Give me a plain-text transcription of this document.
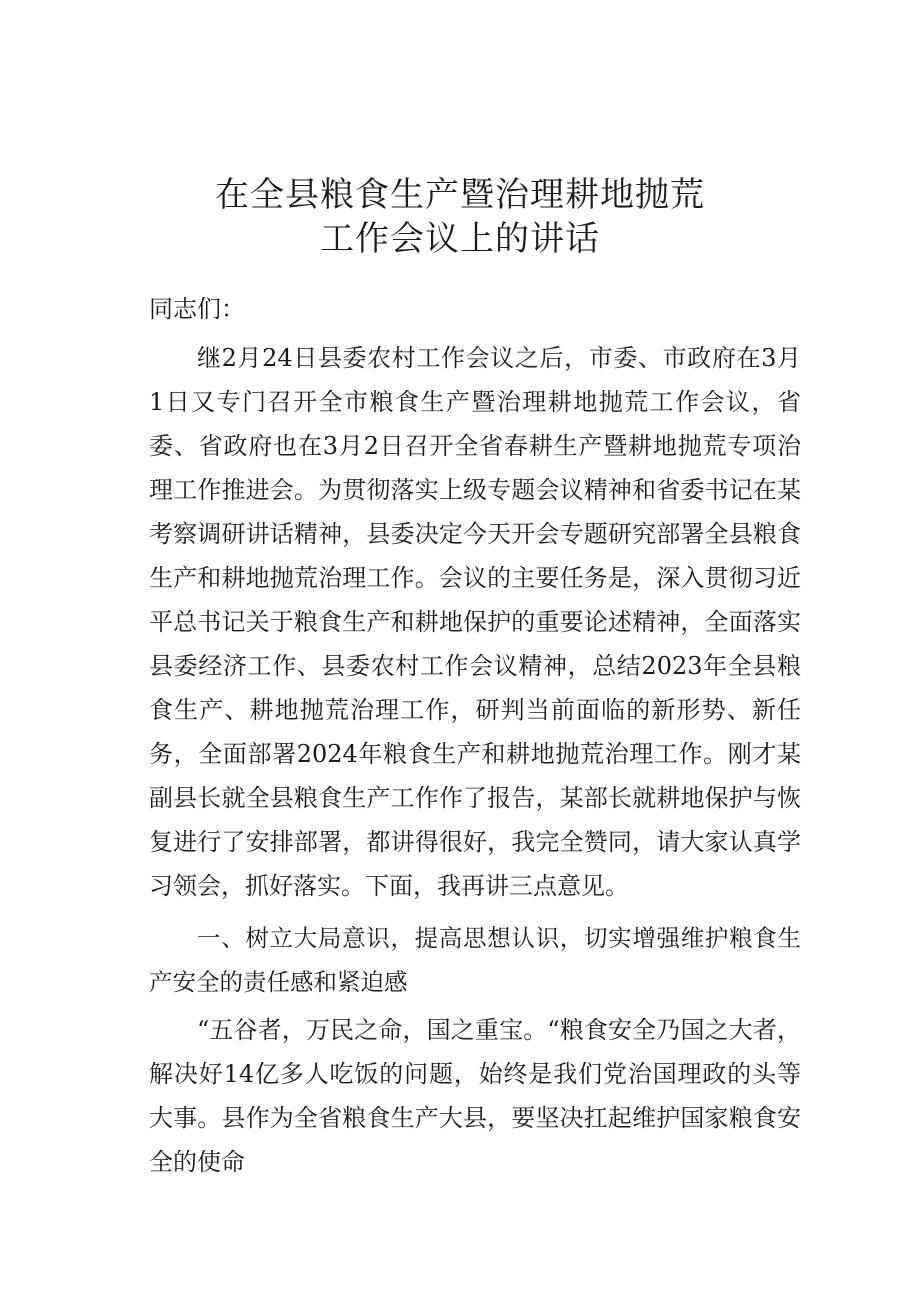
在全县粮食生产暨治理耕地抛荒
工作会议上的讲话

同志们：

继2月24日县委农村工作会议之后，市委、市政府在3月1日又专门召开全市粮食生产暨治理耕地抛荒工作会议，省委、省政府也在3月2日召开全省春耕生产暨耕地抛荒专项治理工作推进会。为贯彻落实上级专题会议精神和省委书记在某考察调研讲话精神，县委决定今天开会专题研究部署全县粮食生产和耕地抛荒治理工作。会议的主要任务是，深入贯彻习近平总书记关于粮食生产和耕地保护的重要论述精神，全面落实县委经济工作、县委农村工作会议精神，总结2023年全县粮食生产、耕地抛荒治理工作，研判当前面临的新形势、新任务，全面部署2024年粮食生产和耕地抛荒治理工作。刚才某副县长就全县粮食生产工作作了报告，某部长就耕地保护与恢复进行了安排部署，都讲得很好，我完全赞同，请大家认真学习领会，抓好落实。下面，我再讲三点意见。

一、树立大局意识，提高思想认识，切实增强维护粮食生产安全的责任感和紧迫感

“五谷者，万民之命，国之重宝。“粮食安全乃国之大者，解决好14亿多人吃饭的问题，始终是我们党治国理政的头等大事。县作为全省粮食生产大县，要坚决扛起维护国家粮食安全的使命
